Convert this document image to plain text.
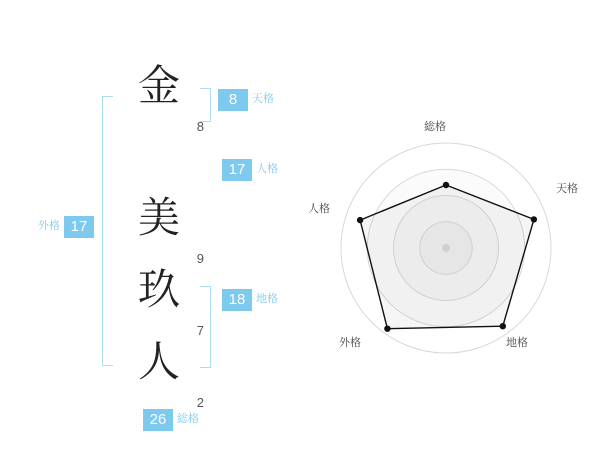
金
8
美
9
玖
7
人
2
外格 17
8 天格
17 人格
18 地格
26 総格
総格
天格
地格
外格
人格
